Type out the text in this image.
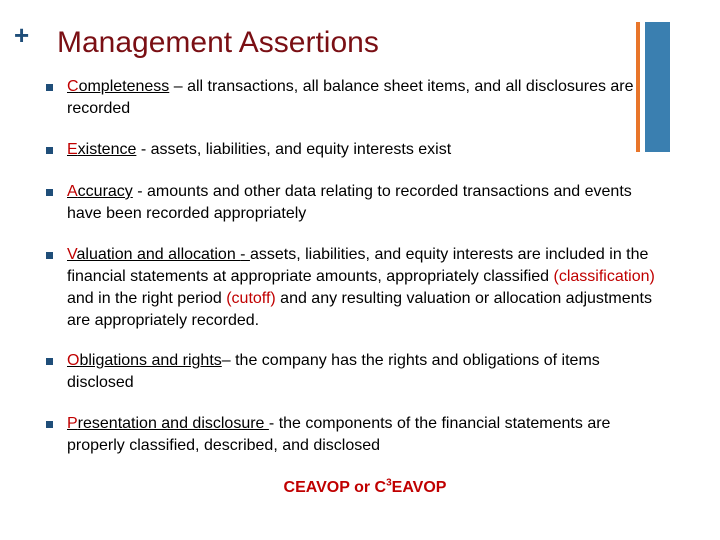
+ Management Assertions
Completeness – all transactions, all balance sheet items, and all disclosures are recorded
Existence - assets, liabilities, and equity interests exist
Accuracy - amounts and other data relating to recorded transactions and events have been recorded appropriately
Valuation and allocation - assets, liabilities, and equity interests are included in the financial statements at appropriate amounts, appropriately classified (classification) and in the right period (cutoff) and any resulting valuation or allocation adjustments are appropriately recorded.
Obligations and rights– the company has the rights and obligations of items disclosed
Presentation and disclosure - the components of the financial statements are properly classified, described, and disclosed
CEAVOP or $C^3EAVOP$
